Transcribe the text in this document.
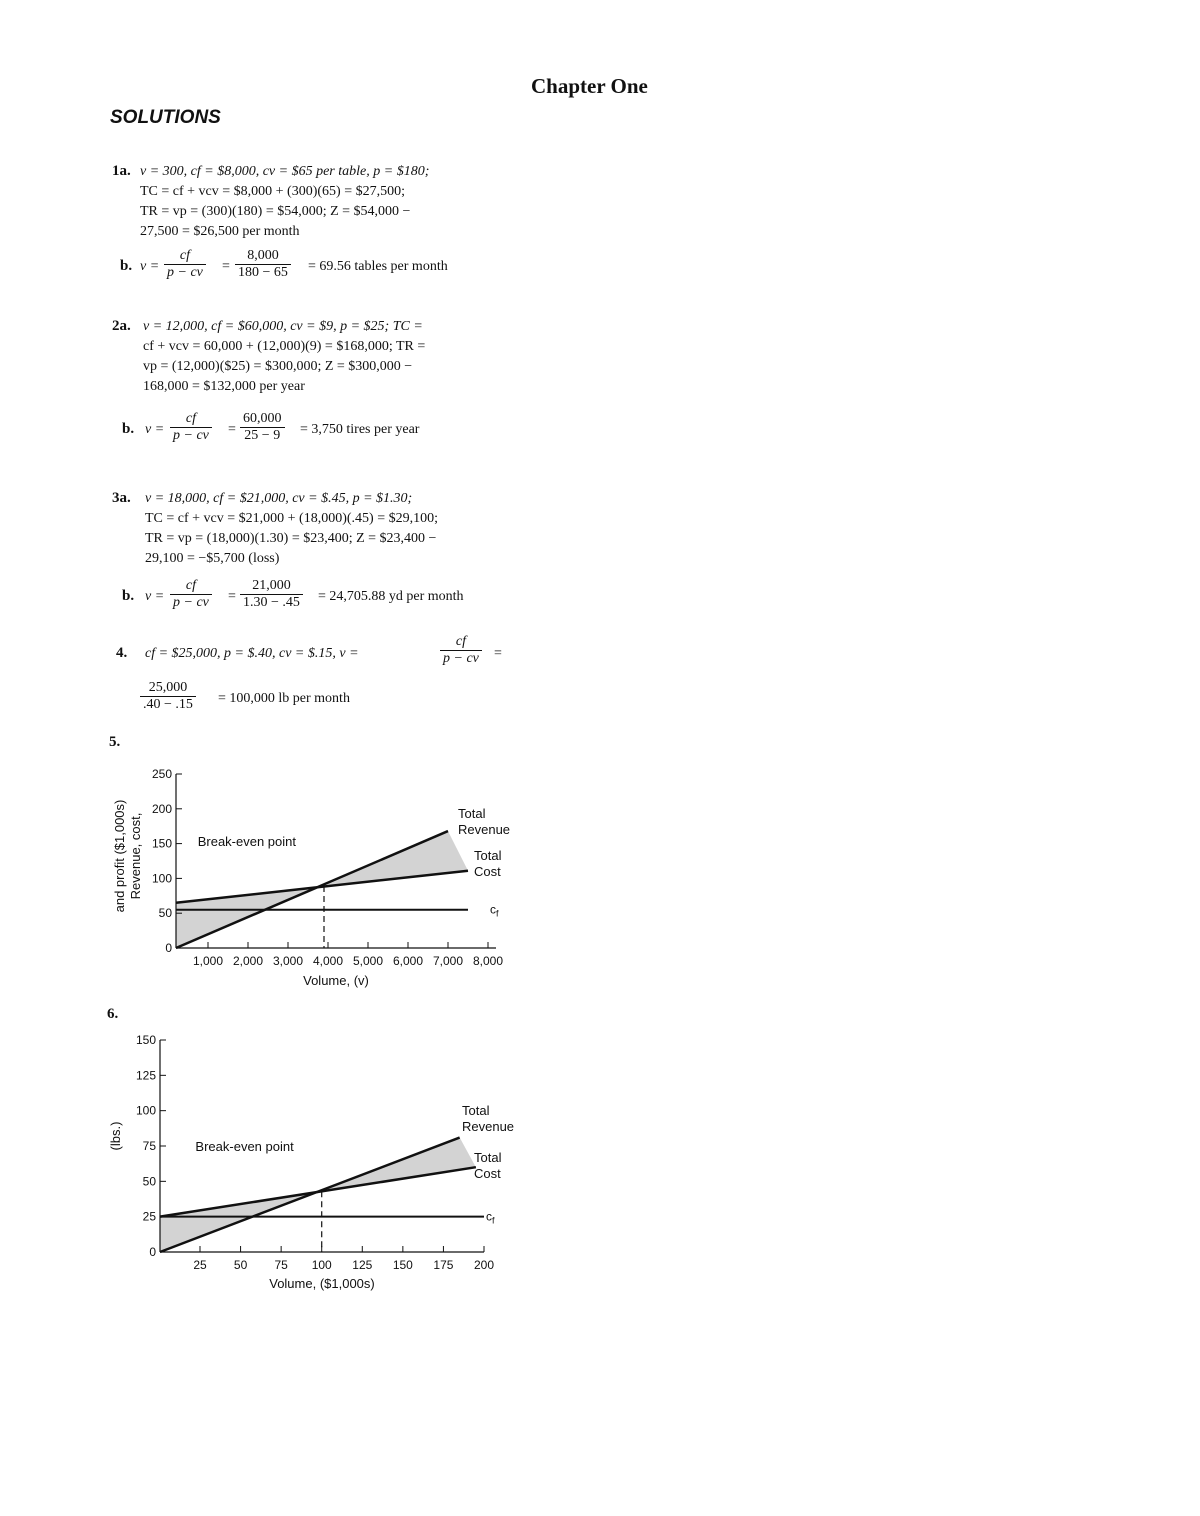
Chapter One
SOLUTIONS
1a. v = 300, cf = $8,000, cv = $65 per table, p = $180;
TC = cf + vcv = $8,000 + (300)(65) = $27,500;
TR = vp = (300)(180) = $54,000; Z = $54,000 −
27,500 = $26,500 per month
b. $v = \frac{cf}{p - cv} = \frac{8,000}{180 - 65} = 69.56$ tables per month
2a. v = 12,000, cf = $60,000, cv = $9, p = $25; TC =
cf + vcv = 60,000 + (12,000)(9) = $168,000; TR =
vp = (12,000)($25) = $300,000; Z = $300,000 −
168,000 = $132,000 per year
b. $v = \frac{cf}{p - cv} = \frac{60,000}{25 - 9} = 3,750$ tires per year
3a. v = 18,000, cf = $21,000, cv = $.45, p = $1.30;
TC = cf + vcv = $21,000 + (18,000)(.45) = $29,100;
TR = vp = (18,000)(1.30) = $23,400; Z = $23,400 −
29,100 = −$5,700 (loss)
b. $v = \frac{cf}{p - cv} = \frac{21,000}{1.30 - .45} = 24,705.88$ yd per month
4. cf = $25,000, p = $.40, cv = $.15, v =	$\frac{cf}{p - cv}$ =
$\frac{25,000}{.40 - .15} = 100,000$ lb per month
5.
6.
0
50
100
150
200
250
1,000 2,000 3,000 4,000 5,000 6,000 7,000 8,000
Break-even point
Total
Revenue
Total
Cost
$c_f$
Volume, (v)
Revenue, cost,
and profit ($1,000s)
0
25
50
75
100
125
150
25 50 75 100 125 150 175 200
Break-even point
Total
Revenue
Total
Cost
$c_f$
Volume, ($1,000s)
(lbs.)
